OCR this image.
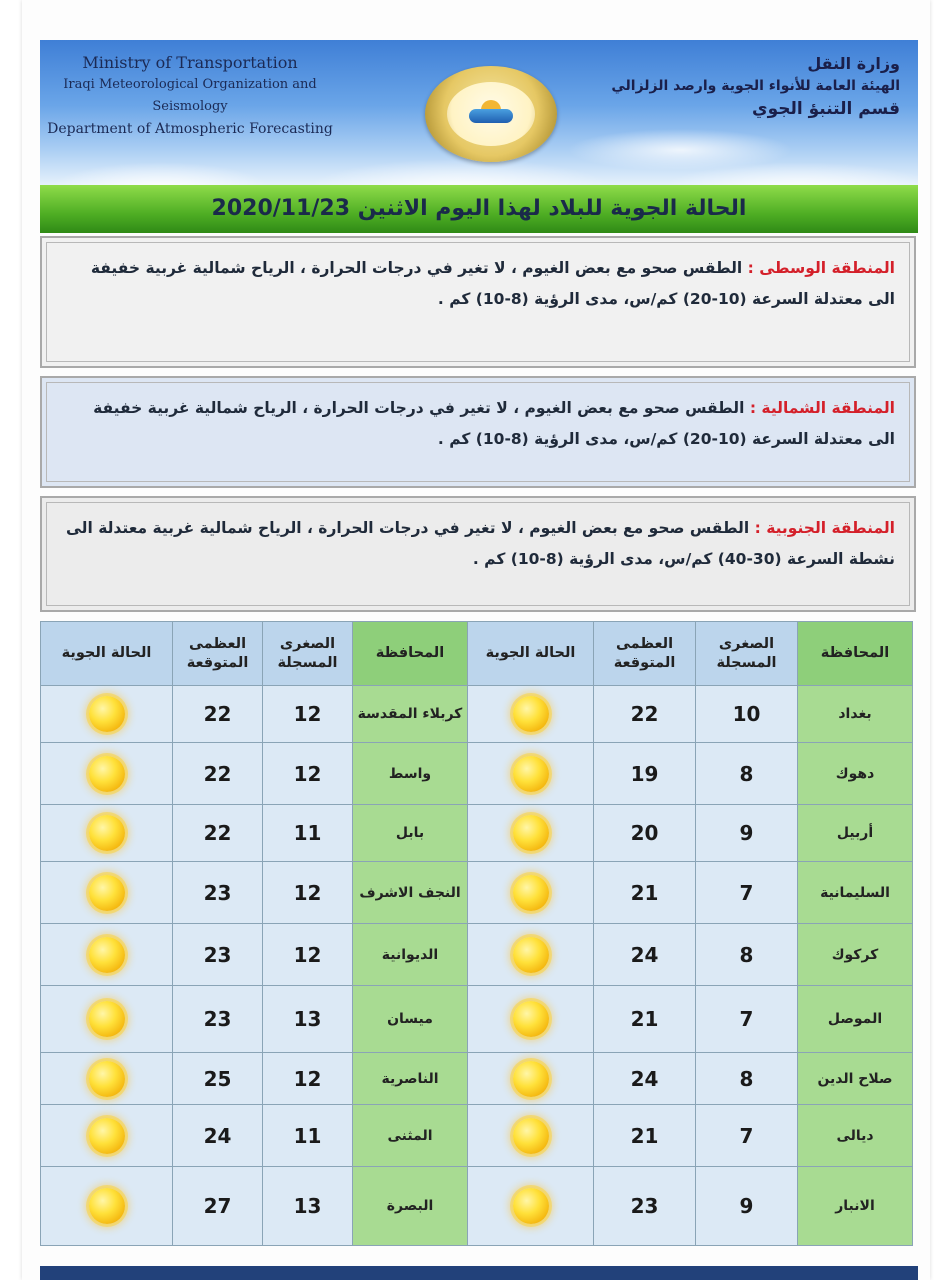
Ministry of Transportation
Iraqi Meteorological Organization and Seismology
Department of Atmospheric Forecasting
وزارة النقل
الهيئة العامة للأنواء الجوية وارصد الزلزالي
قسم التنبؤ الجوي
الحالة الجوية للبلاد لهذا اليوم الاثنين 2020/11/23
المنطقة الوسطى : الطقس صحو مع بعض الغيوم ، لا تغير في درجات الحرارة ، الرياح شمالية غربية خفيفة الى معتدلة السرعة (10-20) كم/س، مدى الرؤية (8-10) كم .
المنطقة الشمالية : الطقس صحو مع بعض الغيوم ، لا تغير في درجات الحرارة ، الرياح شمالية غربية خفيفة الى معتدلة السرعة (10-20) كم/س، مدى الرؤية (8-10) كم .
المنطقة الجنوبية : الطقس صحو مع بعض الغيوم ، لا تغير في درجات الحرارة ، الرياح شمالية غربية معتدلة الى نشطة السرعة (30-40) كم/س، مدى الرؤية (8-10) كم .
المحافظة	الصغرى المسجلة	العظمى المتوقعة	الحالة الجوية	المحافظة	الصغرى المسجلة	العظمى المتوقعة	الحالة الجوية
بغداد	10	22		كربلاء المقدسة	12	22	
دهوك	8	19		واسط	12	22	
أربيل	9	20		بابل	11	22	
السليمانية	7	21		النجف الاشرف	12	23	
كركوك	8	24		الديوانية	12	23	
الموصل	7	21		ميسان	13	23	
صلاح الدين	8	24		الناصرية	12	25	
ديالى	7	21		المثنى	11	24	
الانبار	9	23		البصرة	13	27	
